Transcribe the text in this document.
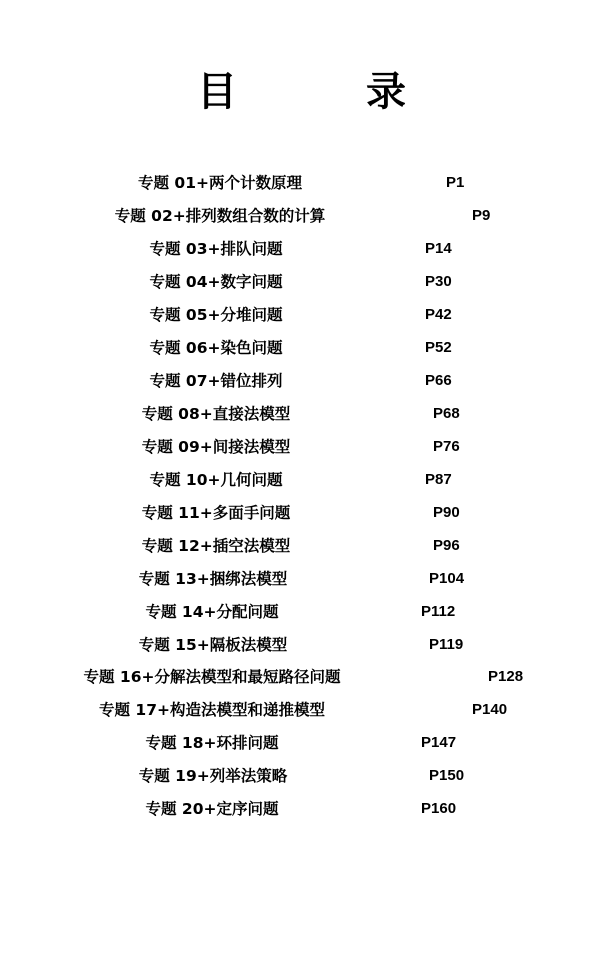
目	录
专题 01+两个计数原理	P1
专题 02+排列数组合数的计算	P9
专题 03+排队问题	P14
专题 04+数字问题	P30
专题 05+分堆问题	P42
专题 06+染色问题	P52
专题 07+错位排列	P66
专题 08+直接法模型	P68
专题 09+间接法模型	P76
专题 10+几何问题	P87
专题 11+多面手问题	P90
专题 12+插空法模型	P96
专题 13+捆绑法模型	P104
专题 14+分配问题	P112
专题 15+隔板法模型	P119
专题 16+分解法模型和最短路径问题	P128
专题 17+构造法模型和递推模型	P140
专题 18+环排问题	P147
专题 19+列举法策略	P150
专题 20+定序问题	P160
